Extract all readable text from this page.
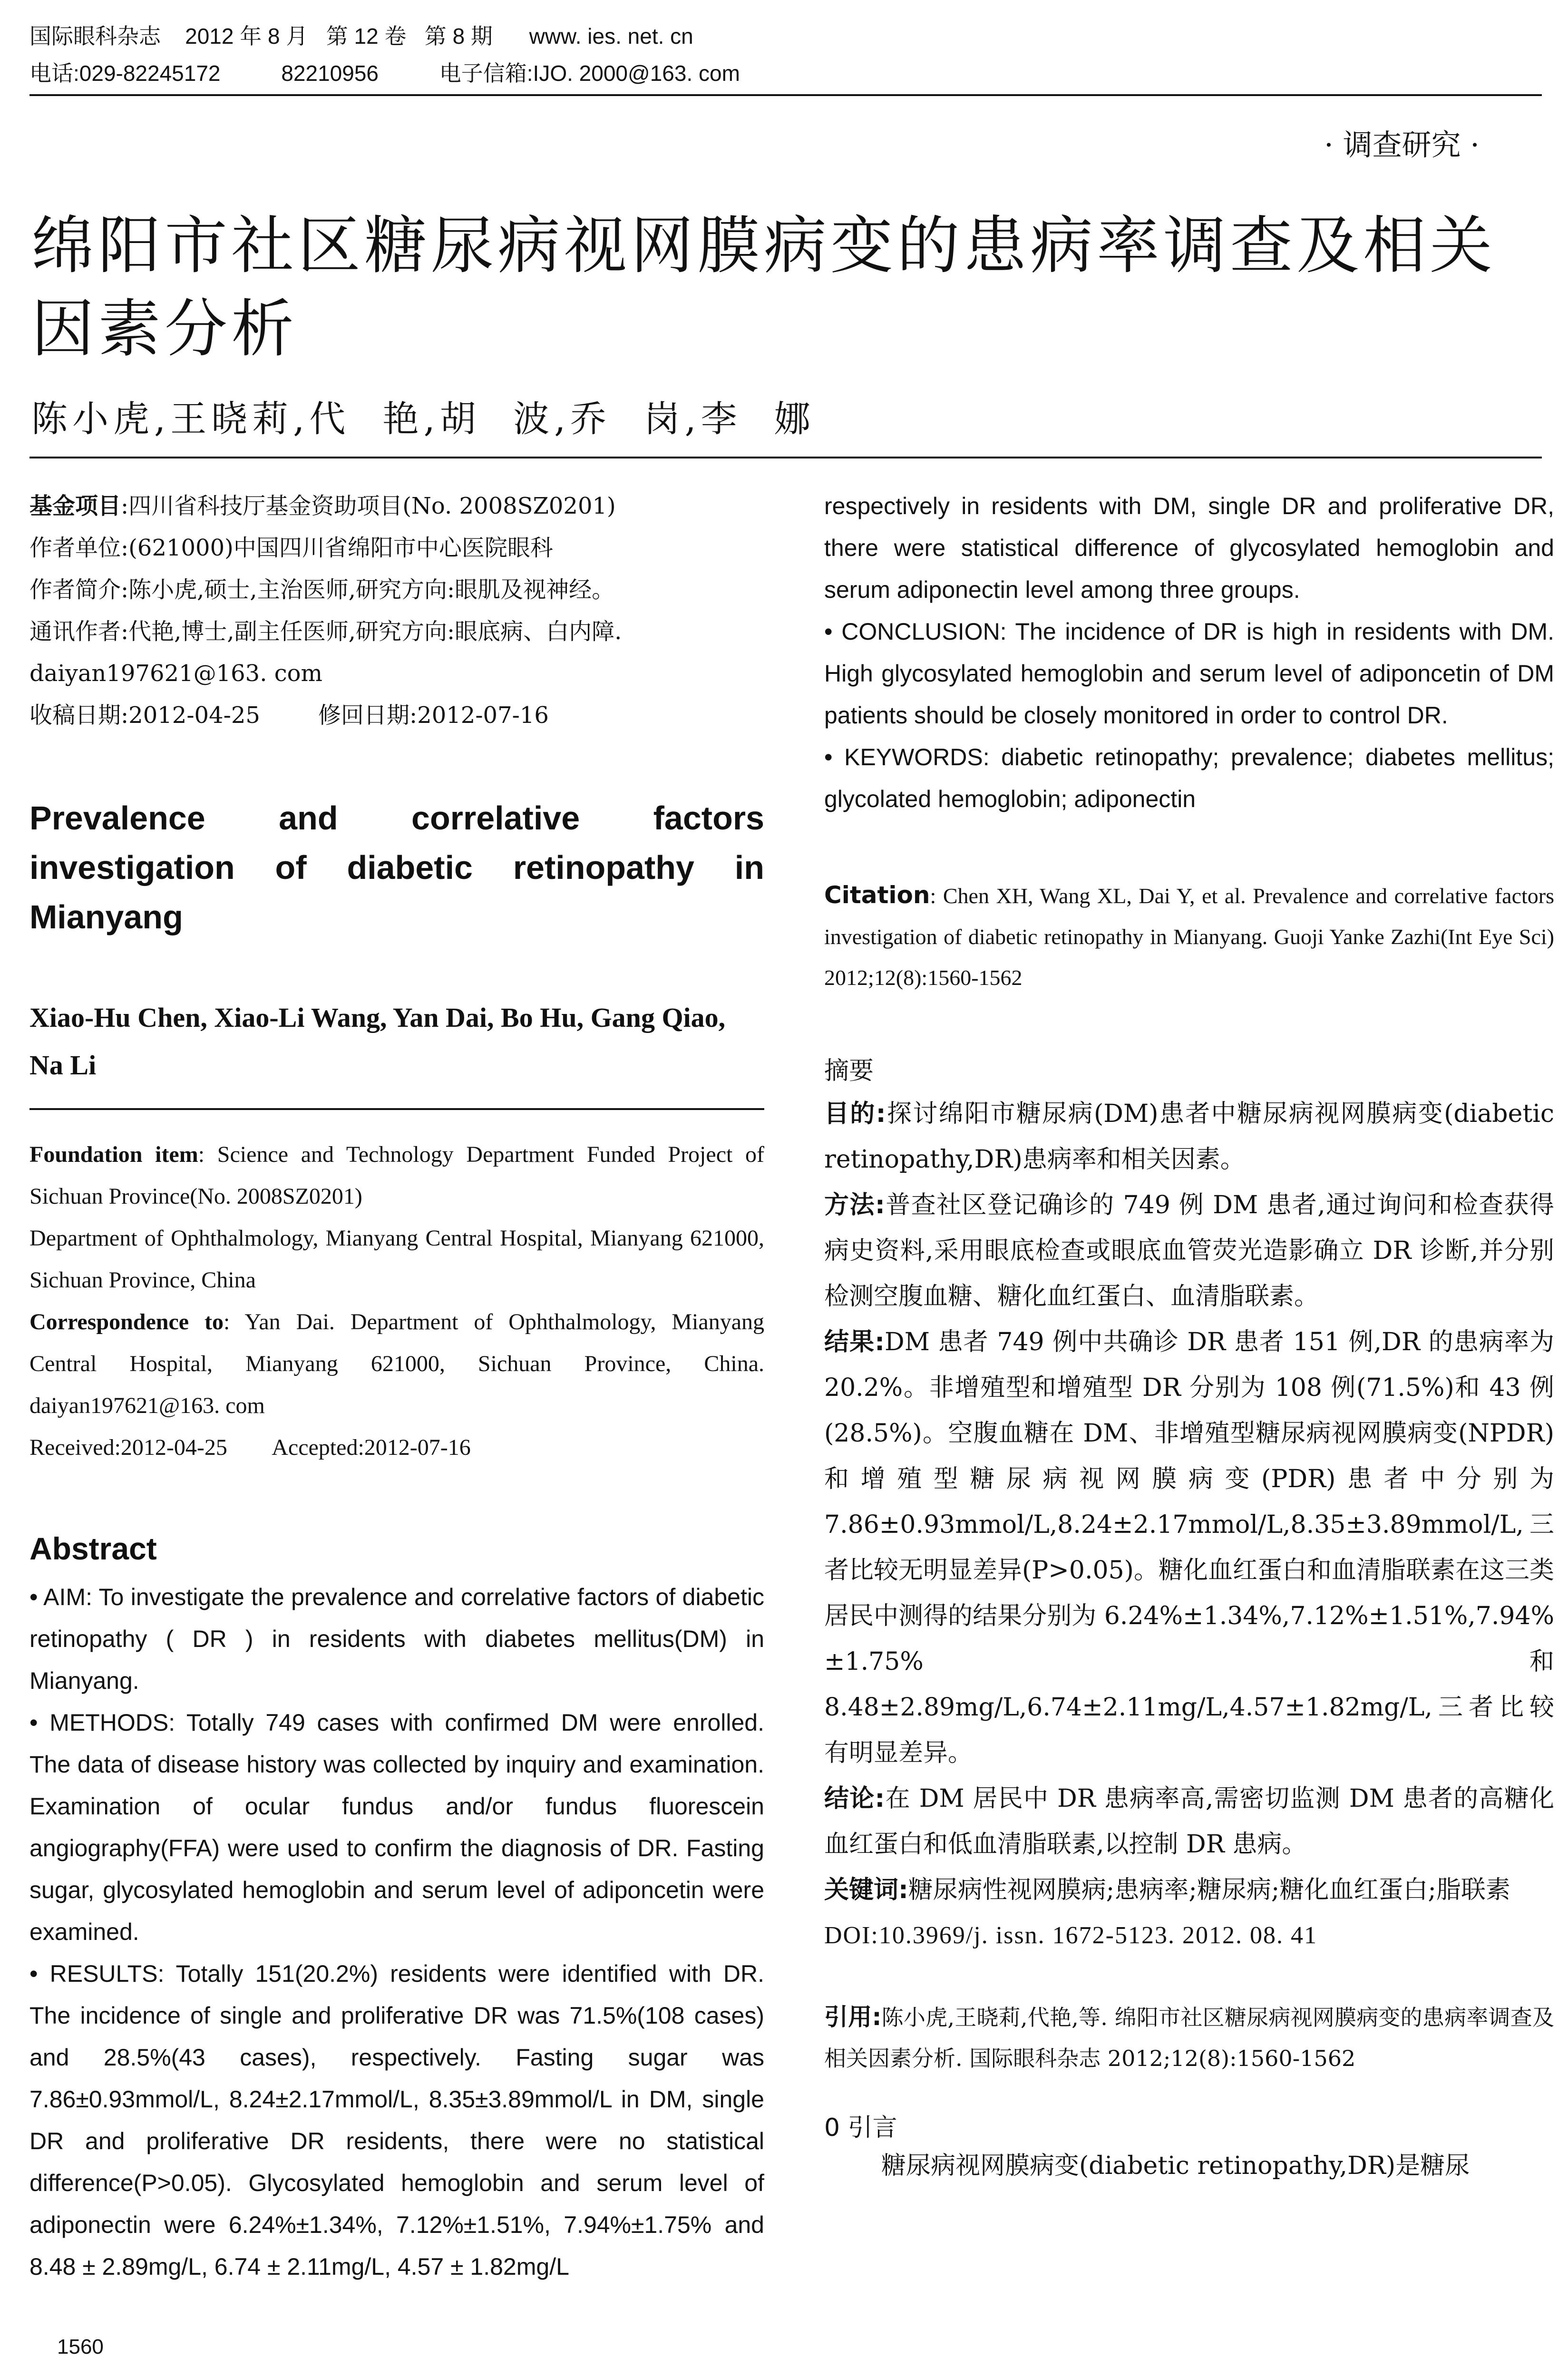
国际眼科杂志    2012 年 8 月   第 12 卷   第 8 期      www. ies. net. cn
电话:029-82245172          82210956          电子信箱:IJO. 2000@163. com
· 调查研究 ·
绵阳市社区糖尿病视网膜病变的患病率调查及相关因素分析
陈小虎,王晓莉,代  艳,胡  波,乔  岗,李  娜

基金项目:四川省科技厅基金资助项目(No. 2008SZ0201)

作者单位:(621000)中国四川省绵阳市中心医院眼科

作者简介:陈小虎,硕士,主治医师,研究方向:眼肌及视神经。

通讯作者:代艳,博士,副主任医师,研究方向:眼底病、白内障.

daiyan197621@163. com

收稿日期:2012-04-25        修回日期:2012-07-16

Prevalence and correlative factors investigation of diabetic retinopathy in Mianyang

Xiao-Hu Chen, Xiao-Li Wang, Yan Dai, Bo Hu, Gang Qiao, Na Li

Foundation item: Science and Technology Department Funded Project of Sichuan Province(No. 2008SZ0201)

Department of Ophthalmology, Mianyang Central Hospital, Mianyang 621000, Sichuan Province, China

Correspondence to: Yan Dai. Department of Ophthalmology, Mianyang Central Hospital, Mianyang 621000, Sichuan Province, China. daiyan197621@163. com

Received:2012-04-25        Accepted:2012-07-16

Abstract

• AIM: To investigate the prevalence and correlative factors of diabetic retinopathy ( DR ) in residents with diabetes mellitus(DM) in Mianyang.

• METHODS: Totally 749 cases with confirmed DM were enrolled. The data of disease history was collected by inquiry and examination. Examination of ocular fundus and/or fundus fluorescein angiography(FFA) were used to confirm the diagnosis of DR. Fasting sugar, glycosylated hemoglobin and serum level of adiponcetin were examined.

• RESULTS: Totally 151(20.2%) residents were identified with DR. The incidence of single and proliferative DR was 71.5%(108 cases) and 28.5%(43 cases), respectively. Fasting sugar was 7.86±0.93mmol/L, 8.24±2.17mmol/L, 8.35±3.89mmol/L in DM, single DR and proliferative DR residents, there were no statistical difference(P>0.05). Glycosylated hemoglobin and serum level of adiponectin were 6.24%±1.34%, 7.12%±1.51%, 7.94%±1.75% and 8.48 ± 2.89mg/L, 6.74 ± 2.11mg/L, 4.57 ± 1.82mg/L

respectively in residents with DM, single DR and proliferative DR, there were statistical difference of glycosylated hemoglobin and serum adiponectin level among three groups.

• CONCLUSION: The incidence of DR is high in residents with DM. High glycosylated hemoglobin and serum level of adiponcetin of DM patients should be closely monitored in order to control DR.

• KEYWORDS: diabetic retinopathy; prevalence; diabetes mellitus; glycolated hemoglobin; adiponectin

Citation: Chen XH, Wang XL, Dai Y, et al. Prevalence and correlative factors investigation of diabetic retinopathy in Mianyang. Guoji Yanke Zazhi(Int Eye Sci) 2012;12(8):1560-1562

摘要

目的:探讨绵阳市糖尿病(DM)患者中糖尿病视网膜病变(diabetic retinopathy,DR)患病率和相关因素。

方法:普查社区登记确诊的 749 例 DM 患者,通过询问和检查获得病史资料,采用眼底检查或眼底血管荧光造影确立 DR 诊断,并分别检测空腹血糖、糖化血红蛋白、血清脂联素。

结果:DM 患者 749 例中共确诊 DR 患者 151 例,DR 的患病率为 20.2%。非增殖型和增殖型 DR 分别为 108 例(71.5%)和 43 例(28.5%)。空腹血糖在 DM、非增殖型糖尿病视网膜病变(NPDR)和增殖型糖尿病视网膜病变(PDR)患者中分别为 7.86±0.93mmol/L,8.24±2.17mmol/L,8.35±3.89mmol/L,三者比较无明显差异(P>0.05)。糖化血红蛋白和血清脂联素在这三类居民中测得的结果分别为 6.24%±1.34%,7.12%±1.51%,7.94%±1.75% 和 8.48±2.89mg/L,6.74±2.11mg/L,4.57±1.82mg/L,三者比较有明显差异。

结论:在 DM 居民中 DR 患病率高,需密切监测 DM 患者的高糖化血红蛋白和低血清脂联素,以控制 DR 患病。

关键词:糖尿病性视网膜病;患病率;糖尿病;糖化血红蛋白;脂联素

DOI:10.3969/j. issn. 1672-5123. 2012. 08. 41

引用:陈小虎,王晓莉,代艳,等. 绵阳市社区糖尿病视网膜病变的患病率调查及相关因素分析. 国际眼科杂志 2012;12(8):1560-1562

0 引言

糖尿病视网膜病变(diabetic retinopathy,DR)是糖尿

1560
